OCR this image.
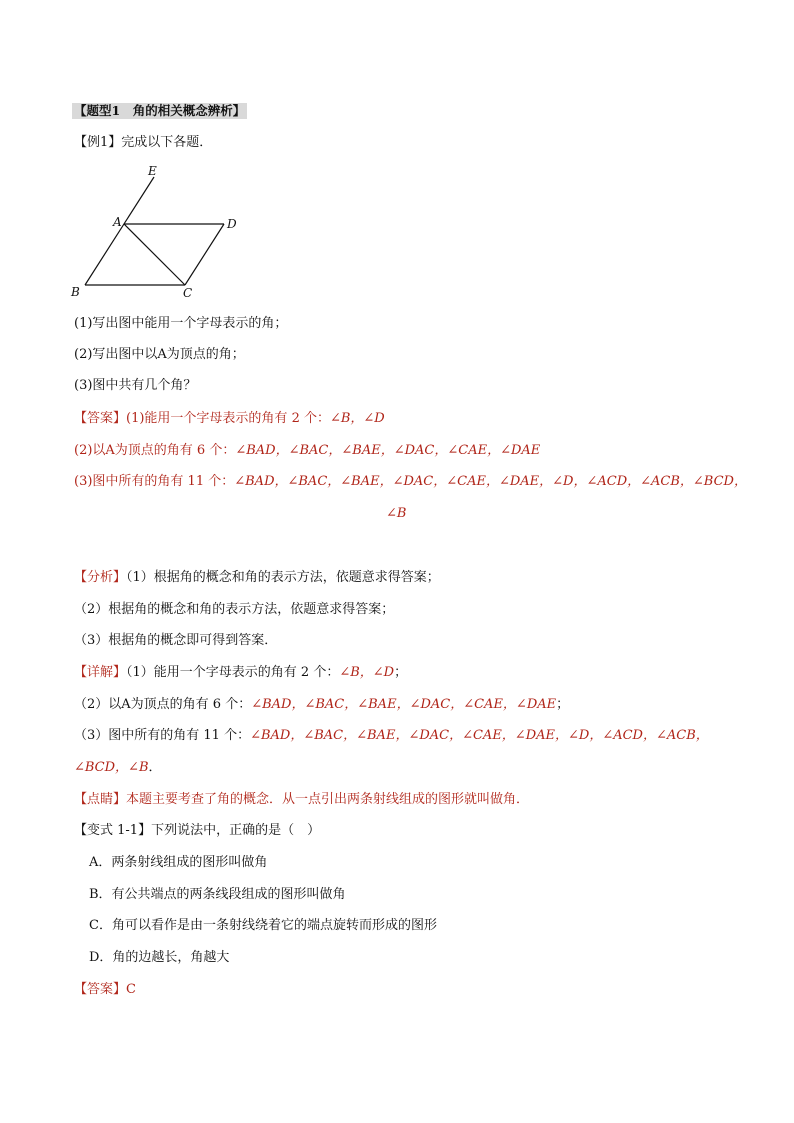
【题型1　角的相关概念辨析】
【例1】完成以下各题．
E
A	D
B	C
(1)写出图中能用一个字母表示的角；
(2)写出图中以A为顶点的角；
(3)图中共有几个角？
【答案】(1)能用一个字母表示的角有 2 个：∠B，∠D
(2)以A为顶点的角有 6 个：∠BAD，∠BAC，∠BAE，∠DAC，∠CAE，∠DAE
(3)图中所有的角有 11 个：∠BAD，∠BAC，∠BAE，∠DAC，∠CAE，∠DAE，∠D，∠ACD，∠ACB，∠BCD，
∠B
【分析】（1）根据角的概念和角的表示方法，依题意求得答案；
（2）根据角的概念和角的表示方法，依题意求得答案；
（3）根据角的概念即可得到答案．
【详解】（1）能用一个字母表示的角有 2 个：∠B，∠D；
（2）以A为顶点的角有 6 个：∠BAD，∠BAC，∠BAE，∠DAC，∠CAE，∠DAE；
（3）图中所有的角有 11 个：∠BAD，∠BAC，∠BAE，∠DAC，∠CAE，∠DAE，∠D，∠ACD，∠ACB，
∠BCD，∠B．
【点睛】本题主要考查了角的概念．从一点引出两条射线组成的图形就叫做角．
【变式 1-1】下列说法中，正确的是（　）
A．两条射线组成的图形叫做角
B．有公共端点的两条线段组成的图形叫做角
C．角可以看作是由一条射线绕着它的端点旋转而形成的图形
D．角的边越长，角越大
【答案】C
